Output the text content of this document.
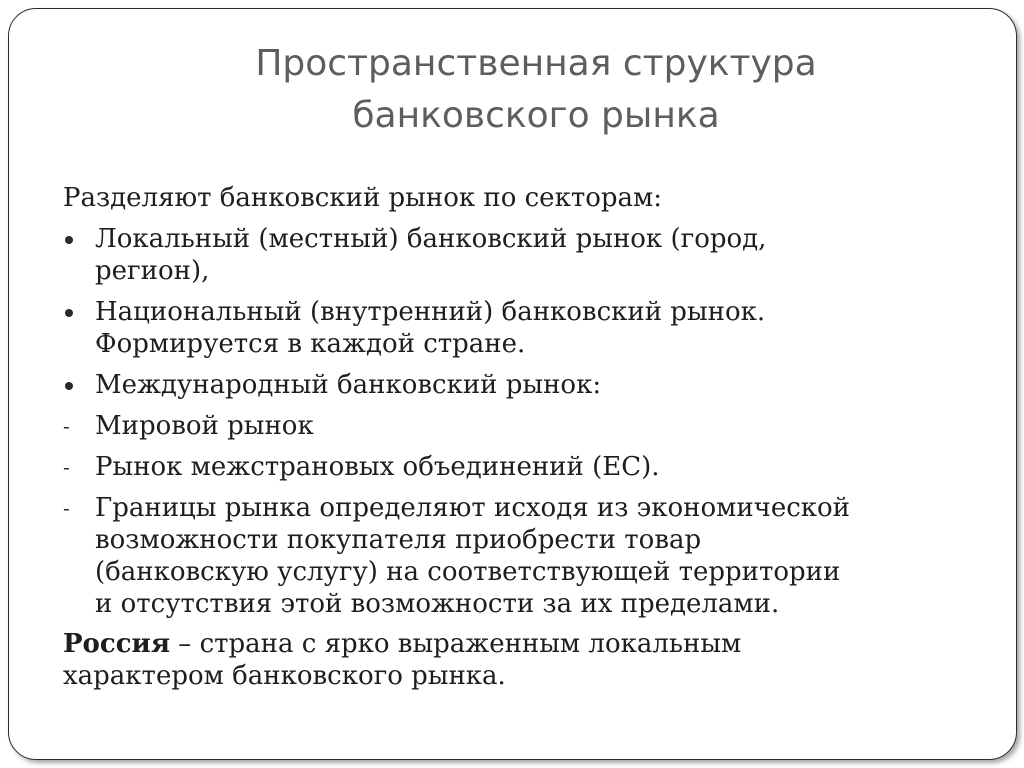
Пространственная структура
банковского рынка
Разделяют банковский рынок по секторам:
Локальный (местный) банковский рынок (город,
регион),
Национальный (внутренний) банковский рынок.
Формируется в каждой стране.
Международный банковский рынок:
- Мировой рынок
- Рынок межстрановых объединений (ЕС).
- Границы рынка определяют исходя из экономической
возможности покупателя приобрести товар
(банковскую услугу) на соответствующей территории
и отсутствия этой возможности за их пределами.
Россия – страна с ярко выраженным локальным
характером банковского рынка.
